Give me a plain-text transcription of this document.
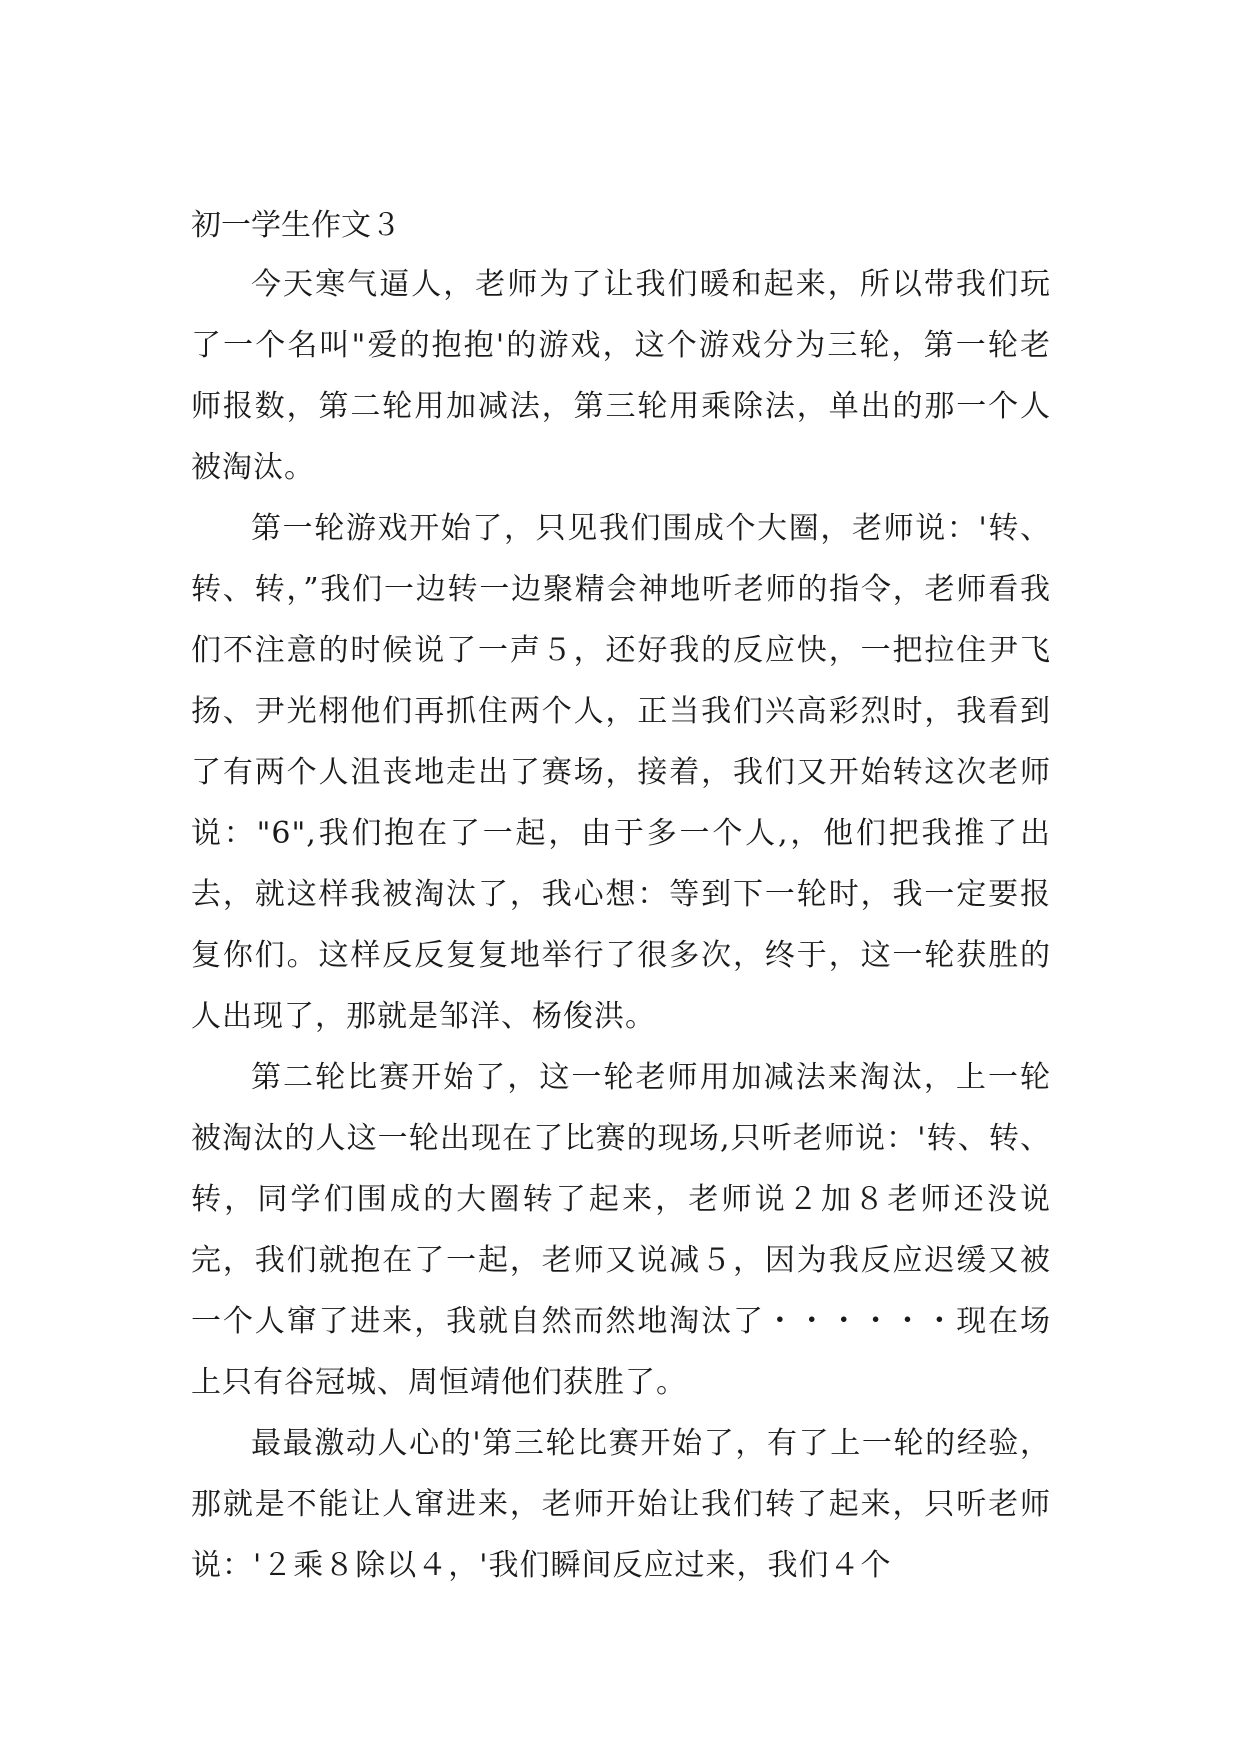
初一学生作文３

今天寒气逼人，老师为了让我们暖和起来，所以带我们玩了一个名叫"爱的抱抱'的游戏，这个游戏分为三轮，第一轮老师报数，第二轮用加减法，第三轮用乘除法，单出的那一个人被淘汰。

第一轮游戏开始了，只见我们围成个大圈，老师说：'转、转、转，”我们一边转一边聚精会神地听老师的指令，老师看我们不注意的时候说了一声５，还好我的反应快，一把拉住尹飞扬、尹光栩他们再抓住两个人，正当我们兴高彩烈时，我看到了有两个人沮丧地走出了赛场，接着，我们又开始转这次老师说："6",我们抱在了一起，由于多一个人,，他们把我推了出去，就这样我被淘汰了，我心想：等到下一轮时，我一定要报复你们。这样反反复复地举行了很多次，终于，这一轮获胜的人出现了，那就是邹洋、杨俊洪。

第二轮比赛开始了，这一轮老师用加减法来淘汰，上一轮被淘汰的人这一轮出现在了比赛的现场,只听老师说：'转、转、转，同学们围成的大圈转了起来，老师说２加８老师还没说完，我们就抱在了一起，老师又说减５，因为我反应迟缓又被一个人窜了进来，我就自然而然地淘汰了・・・・・・现在场上只有谷冠城、周恒靖他们获胜了。

最最激动人心的'第三轮比赛开始了，有了上一轮的经验，那就是不能让人窜进来，老师开始让我们转了起来，只听老师说：'２乘８除以４，'我们瞬间反应过来，我们４个
